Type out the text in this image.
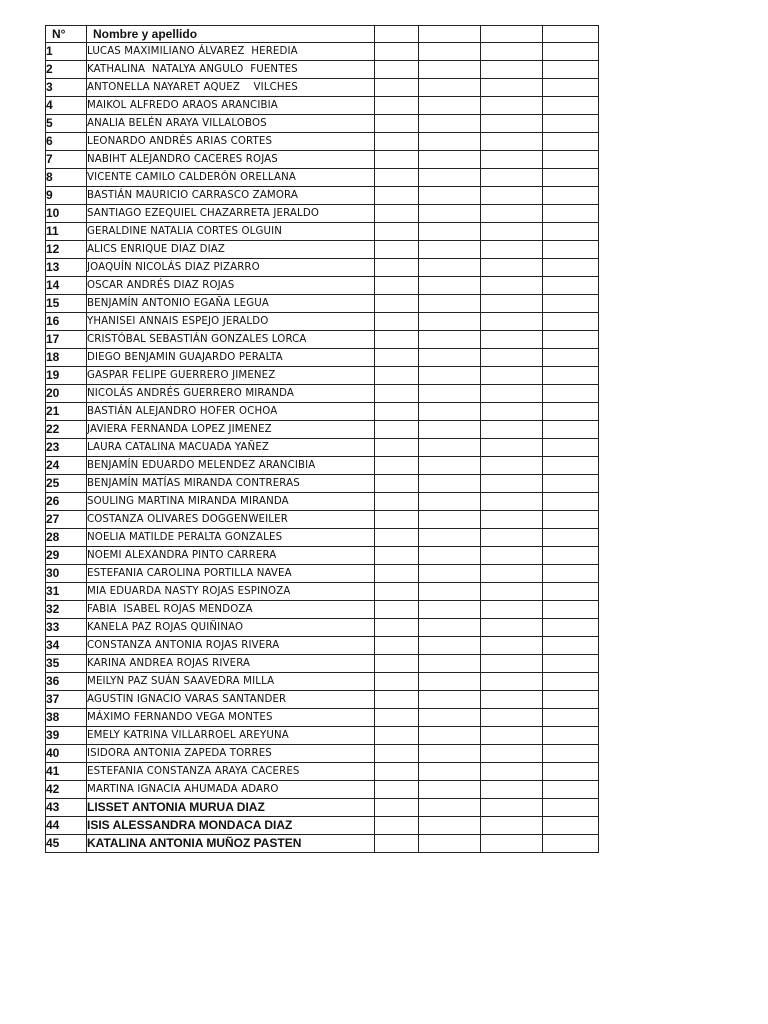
N°	Nombre y apellido				
1	LUCAS MAXIMILIANO ÁLVAREZ  HEREDIA				
2	KATHALINA  NATALYA ANGULO  FUENTES				
3	ANTONELLA NAYARET AQUEZ    VILCHES				
4	MAIKOL ALFREDO ARAOS ARANCIBIA				
5	ANALIA BELÉN ARAYA VILLALOBOS				
6	LEONARDO ANDRÉS ARIAS CORTES				
7	NABIHT ALEJANDRO CACERES ROJAS				
8	VICENTE CAMILO CALDERÓN ORELLANA				
9	BASTIÁN MAURICIO CARRASCO ZAMORA				
10	SANTIAGO EZEQUIEL CHAZARRETA JERALDO				
11	GERALDINE NATALIA CORTES OLGUIN				
12	ALICS ENRIQUE DIAZ DIAZ				
13	JOAQUÍN NICOLÁS DIAZ PIZARRO				
14	OSCAR ANDRÉS DIAZ ROJAS				
15	BENJAMÍN ANTONIO EGAÑA LEGUA				
16	YHANISEI ANNAIS ESPEJO JERALDO				
17	CRISTÓBAL SEBASTIÁN GONZALES LORCA				
18	DIEGO BENJAMIN GUAJARDO PERALTA				
19	GASPAR FELIPE GUERRERO JIMENEZ				
20	NICOLÁS ANDRÉS GUERRERO MIRANDA				
21	BASTIÁN ALEJANDRO HOFER OCHOA				
22	JAVIERA FERNANDA LOPEZ JIMENEZ				
23	LAURA CATALINA MACUADA YAÑEZ				
24	BENJAMÍN EDUARDO MELENDEZ ARANCIBIA				
25	BENJAMÍN MATÍAS MIRANDA CONTRERAS				
26	SOULING MARTINA MIRANDA MIRANDA				
27	COSTANZA OLIVARES DOGGENWEILER				
28	NOELIA MATILDE PERALTA GONZALES				
29	NOEMI ALEXANDRA PINTO CARRERA				
30	ESTEFANIA CAROLINA PORTILLA NAVEA				
31	MIA EDUARDA NASTY ROJAS ESPINOZA				
32	FABIA  ISABEL ROJAS MENDOZA				
33	KANELA PAZ ROJAS QUIÑINAO				
34	CONSTANZA ANTONIA ROJAS RIVERA				
35	KARINA ANDREA ROJAS RIVERA				
36	MEILYN PAZ SUÁN SAAVEDRA MILLA				
37	AGUSTIN IGNACIO VARAS SANTANDER				
38	MÁXIMO FERNANDO VEGA MONTES				
39	EMELY KATRINA VILLARROEL AREYUNA				
40	ISIDORA ANTONIA ZAPEDA TORRES				
41	ESTEFANIA CONSTANZA ARAYA CACERES				
42	MARTINA IGNACIA AHUMADA ADARO				
43	LISSET ANTONIA MURUA DIAZ				
44	ISIS ALESSANDRA MONDACA DIAZ				
45	KATALINA ANTONIA MUÑOZ PASTEN				
